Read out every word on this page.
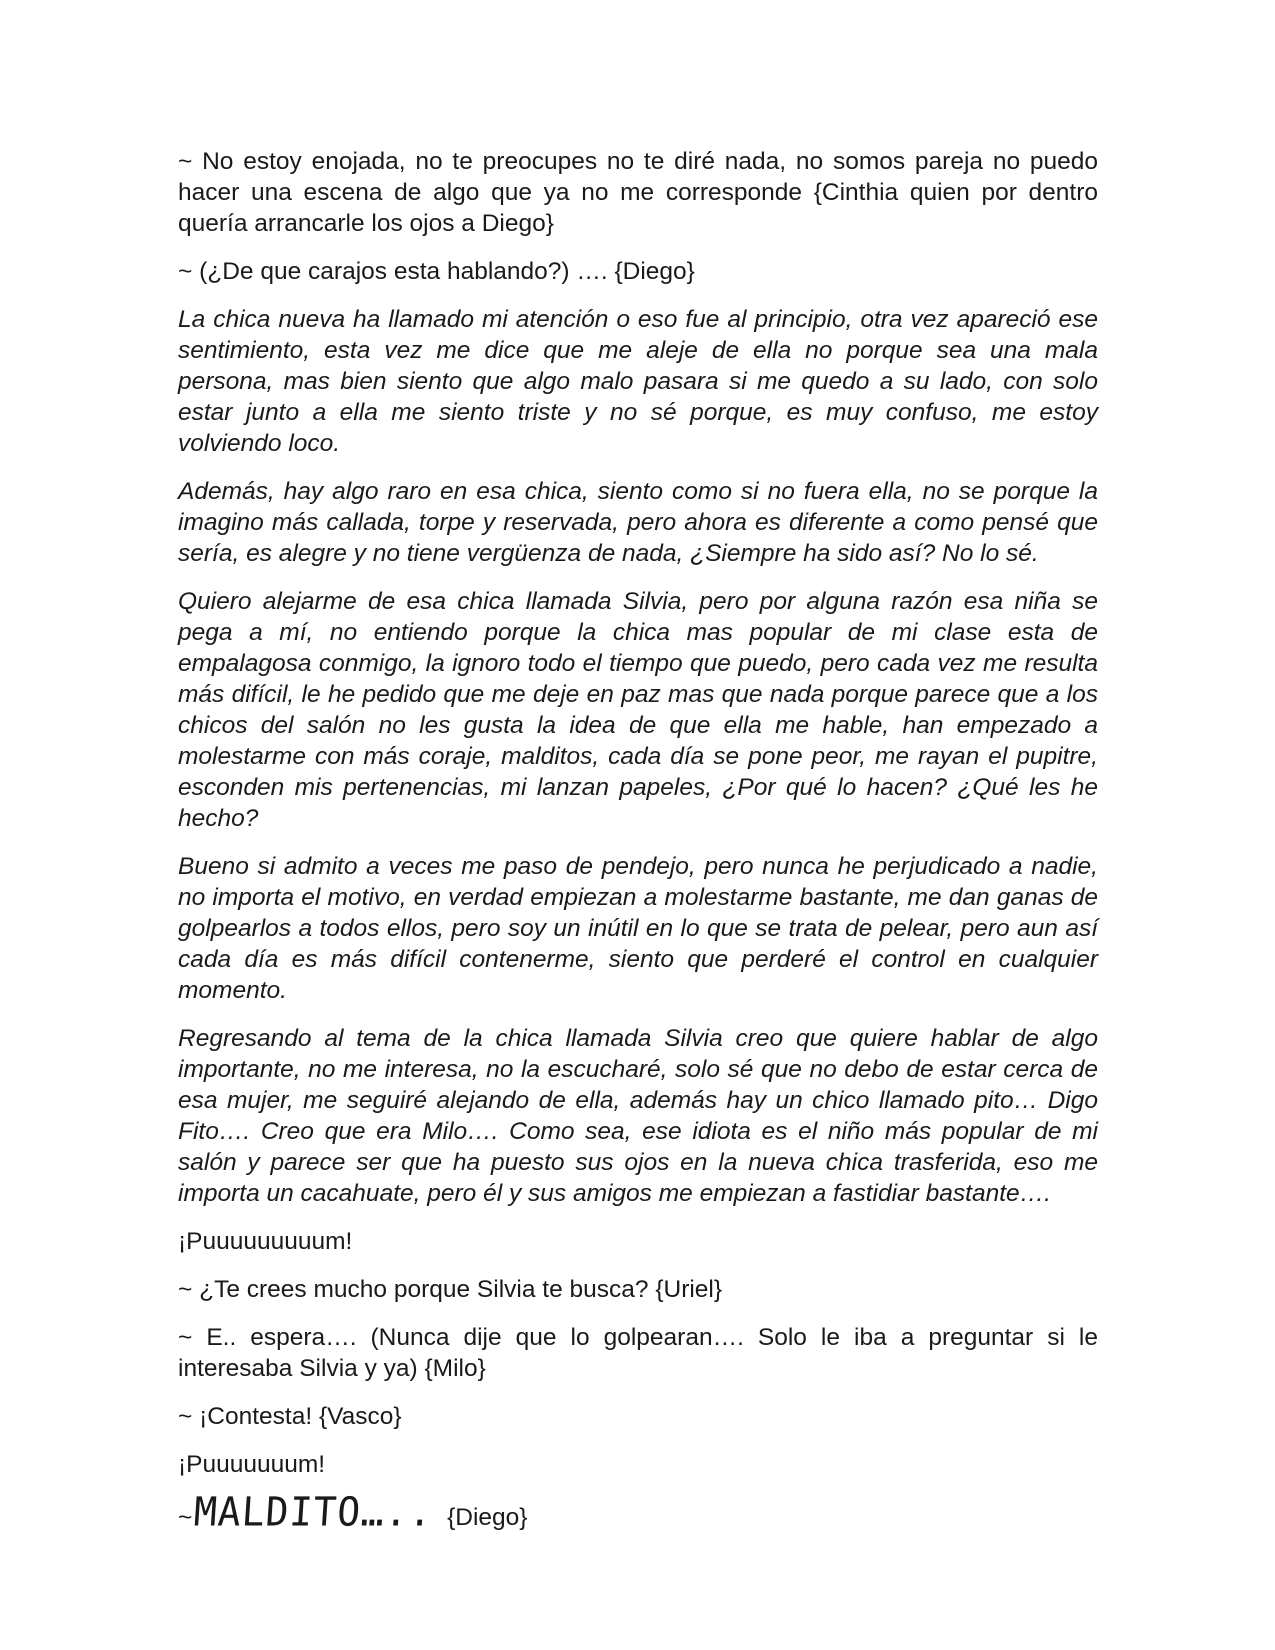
~ No estoy enojada, no te preocupes no te diré nada, no somos pareja no puedo hacer una escena de algo que ya no me corresponde {Cinthia quien por dentro quería arrancarle los ojos a Diego}

~ (¿De que carajos esta hablando?) …. {Diego}

La chica nueva ha llamado mi atención o eso fue al principio, otra vez apareció ese sentimiento, esta vez me dice que me aleje de ella no porque sea una mala persona, mas bien siento que algo malo pasara si me quedo a su lado, con solo estar junto a ella me siento triste y no sé porque, es muy confuso, me estoy volviendo loco.

Además, hay algo raro en esa chica, siento como si no fuera ella, no se porque la imagino más callada, torpe y reservada, pero ahora es diferente a como pensé que sería, es alegre y no tiene vergüenza de nada, ¿Siempre ha sido así? No lo sé.

Quiero alejarme de esa chica llamada Silvia, pero por alguna razón esa niña se pega a mí, no entiendo porque la chica mas popular de mi clase esta de empalagosa conmigo, la ignoro todo el tiempo que puedo, pero cada vez me resulta más difícil, le he pedido que me deje en paz mas que nada porque parece que a los chicos del salón no les gusta la idea de que ella me hable, han empezado a molestarme con más coraje, malditos, cada día se pone peor, me rayan el pupitre, esconden mis pertenencias, mi lanzan papeles, ¿Por qué lo hacen? ¿Qué les he hecho?

Bueno si admito a veces me paso de pendejo, pero nunca he perjudicado a nadie, no importa el motivo, en verdad empiezan a molestarme bastante, me dan ganas de golpearlos a todos ellos, pero soy un inútil en lo que se trata de pelear, pero aun así cada día es más difícil contenerme, siento que perderé el control en cualquier momento.

Regresando al tema de la chica llamada Silvia creo que quiere hablar de algo importante, no me interesa, no la escucharé, solo sé que no debo de estar cerca de esa mujer, me seguiré alejando de ella, además hay un chico llamado pito… Digo Fito…. Creo que era Milo…. Como sea, ese idiota es el niño más popular de mi salón y parece ser que ha puesto sus ojos en la nueva chica trasferida, eso me importa un cacahuate, pero él y sus amigos me empiezan a fastidiar bastante….

¡Puuuuuuuuum!

~ ¿Te crees mucho porque Silvia te busca? {Uriel}

~ E.. espera…. (Nunca dije que lo golpearan…. Solo le iba a preguntar si le interesaba Silvia y ya) {Milo}

~ ¡Contesta! {Vasco}

¡Puuuuuuum!

~ MALDITO….. {Diego}
